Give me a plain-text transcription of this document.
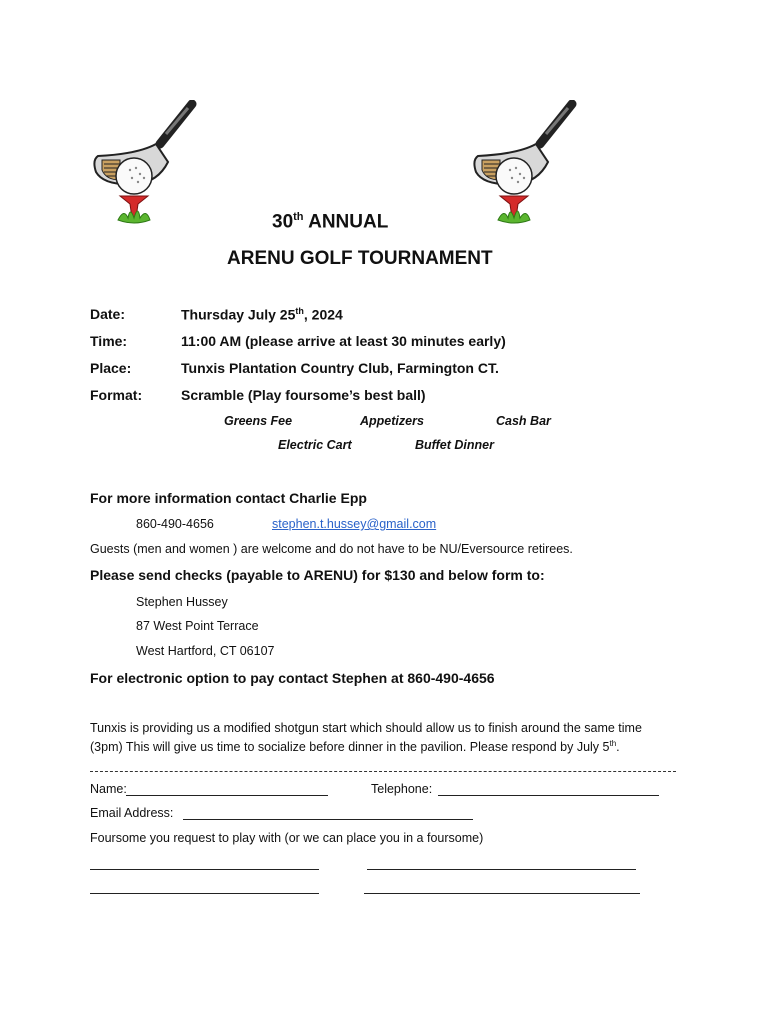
30th ANNUAL
ARENU GOLF TOURNAMENT
Date:	Thursday July 25th, 2024
Time:	11:00 AM (please arrive at least 30 minutes early)
Place:	Tunxis Plantation Country Club, Farmington CT.
Format:	Scramble (Play foursome’s best ball)
Greens Fee	Appetizers	Cash Bar
Electric Cart	Buffet Dinner
For more information contact Charlie Epp
860-490-4656	stephen.t.hussey@gmail.com
Guests (men and women ) are welcome and do not have to be NU/Eversource retirees.
Please send checks (payable to ARENU) for $130 and below form to:
Stephen Hussey
87 West Point Terrace
West Hartford, CT 06107
For electronic option to pay contact Stephen at 860-490-4656
Tunxis is providing us a modified shotgun start which should allow us to finish around the same time
(3pm) This will give us time to socialize before dinner in the pavilion. Please respond by July 5th.
Name:	Telephone:
Email Address:
Foursome you request to play with (or we can place you in a foursome)
